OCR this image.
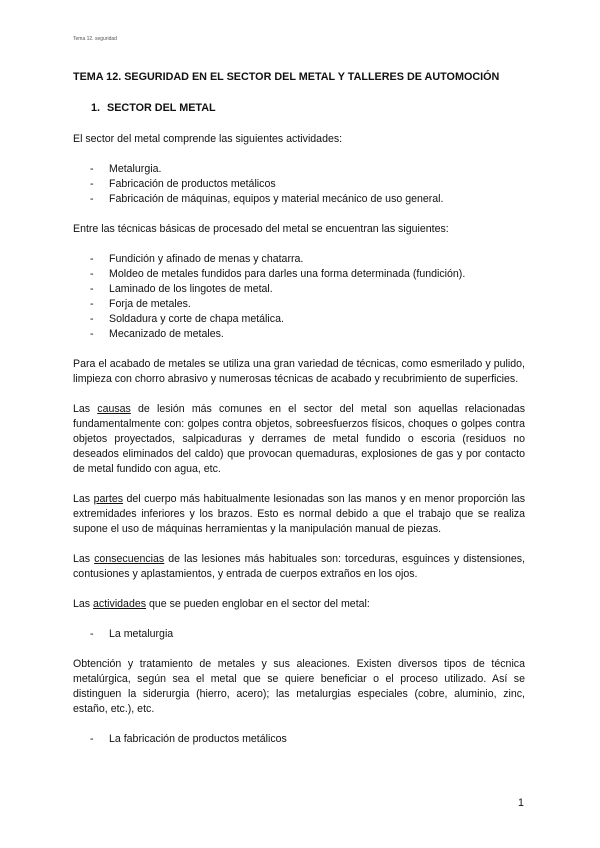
Tema 12. seguridad
TEMA 12. SEGURIDAD EN EL SECTOR DEL METAL Y TALLERES DE AUTOMOCIÓN
1. SECTOR DEL METAL

El sector del metal comprende las siguientes actividades:

-	Metalurgia.
-	Fabricación de productos metálicos
-	Fabricación de máquinas, equipos y material mecánico de uso general.

Entre las técnicas básicas de procesado del metal se encuentran las siguientes:

-	Fundición y afinado de menas y chatarra.
-	Moldeo de metales fundidos para darles una forma determinada (fundición).
-	Laminado de los lingotes de metal.
-	Forja de metales.
-	Soldadura y corte de chapa metálica.
-	Mecanizado de metales.

Para el acabado de metales se utiliza una gran variedad de técnicas, como esmerilado y pulido, limpieza con chorro abrasivo y numerosas técnicas de acabado y recubrimiento de superficies.

Las causas de lesión más comunes en el sector del metal son aquellas relacionadas fundamentalmente con: golpes contra objetos, sobreesfuerzos físicos, choques o golpes contra objetos proyectados, salpicaduras y derrames de metal fundido o escoria (residuos no deseados eliminados del caldo) que provocan quemaduras, explosiones de gas y por contacto de metal fundido con agua, etc.

Las partes del cuerpo más habitualmente lesionadas son las manos y en menor proporción las extremidades inferiores y los brazos. Esto es normal debido a que el trabajo que se realiza supone el uso de máquinas herramientas y la manipulación manual de piezas.

Las consecuencias de las lesiones más habituales son: torceduras, esguinces y distensiones, contusiones y aplastamientos, y entrada de cuerpos extraños en los ojos.

Las actividades que se pueden englobar en el sector del metal:

-	La metalurgia

Obtención y tratamiento de metales y sus aleaciones. Existen diversos tipos de técnica metalúrgica, según sea el metal que se quiere beneficiar o el proceso utilizado. Así se distinguen la siderurgia (hierro, acero); las metalurgias especiales (cobre, aluminio, zinc, estaño, etc.), etc.

-	La fabricación de productos metálicos
1
